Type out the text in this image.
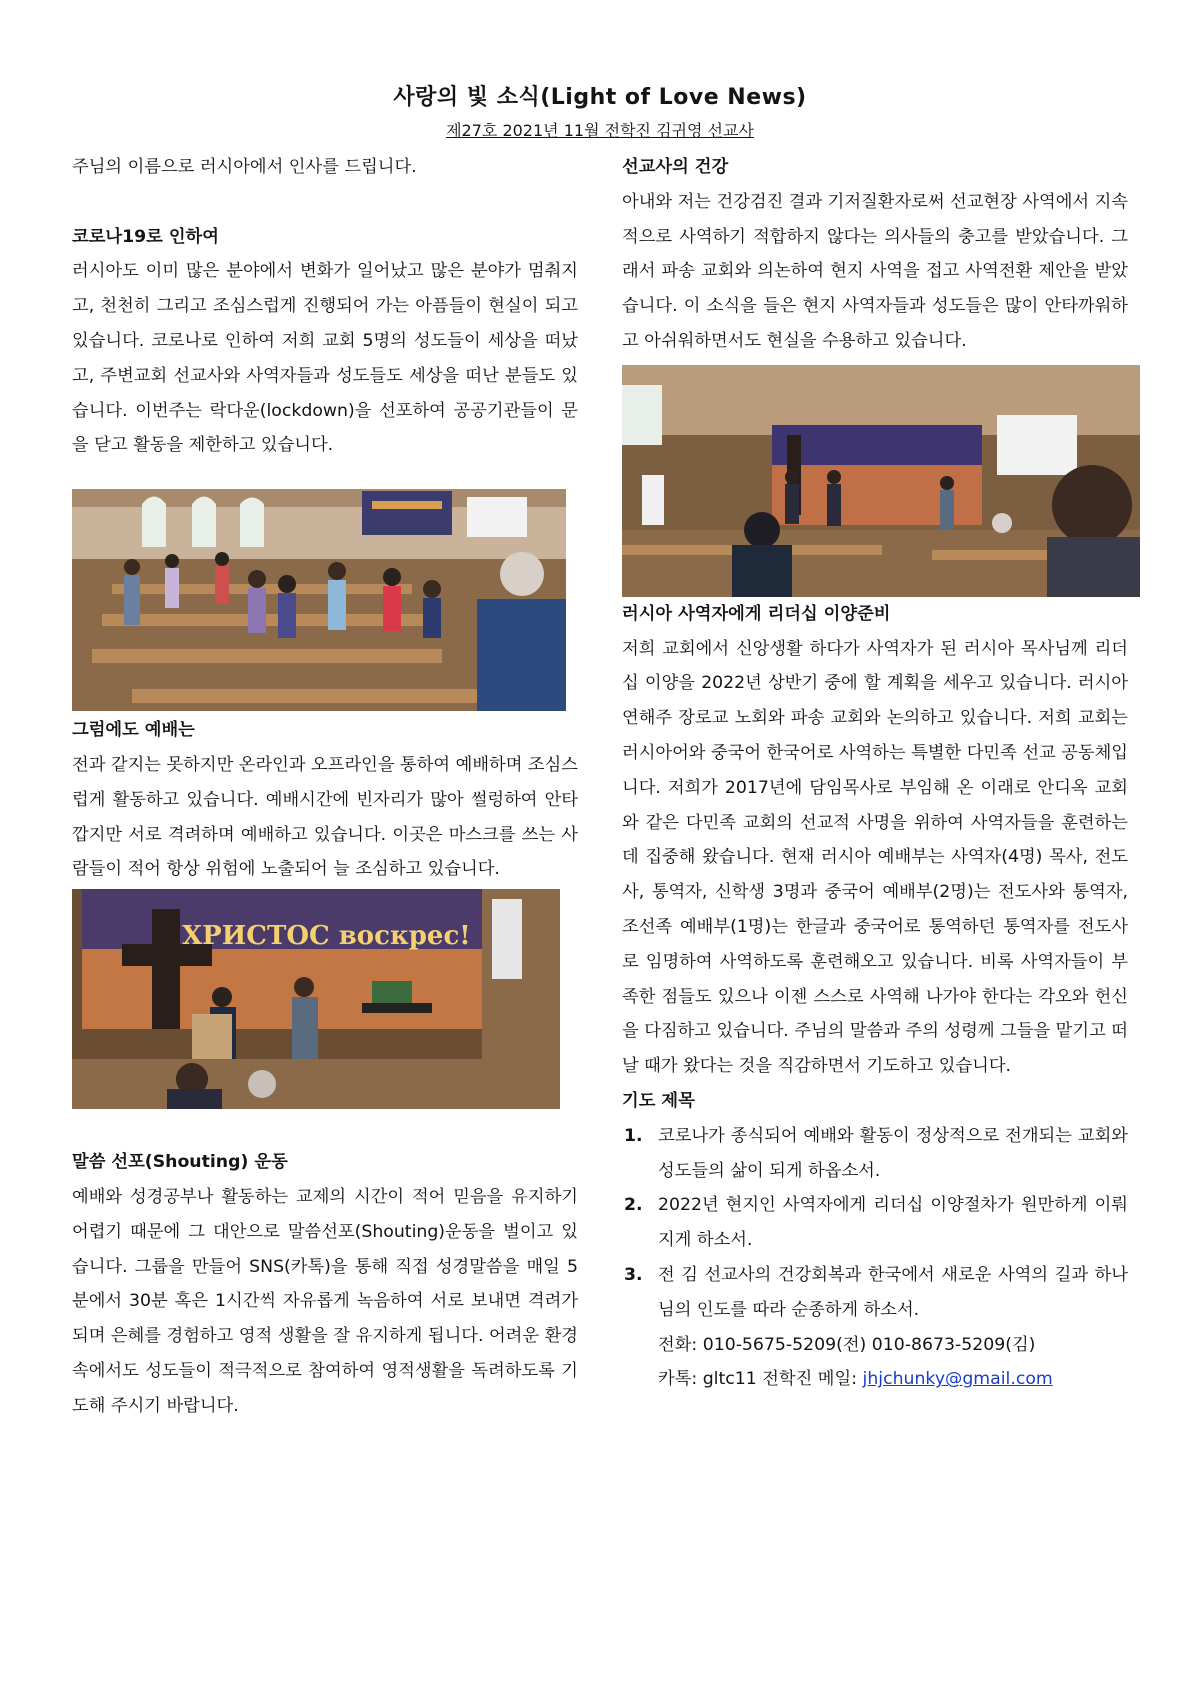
사랑의 빛 소식(Light of Love News)
제27호 2021년 11월 전학진 김귀영 선교사

주님의 이름으로 러시아에서 인사를 드립니다.

코로나19로 인하여

러시아도 이미 많은 분야에서 변화가 일어났고 많은 분야가 멈춰지고, 천천히 그리고 조심스럽게 진행되어 가는 아픔들이 현실이 되고 있습니다. 코로나로 인하여 저희 교회 5명의 성도들이 세상을 떠났고, 주변교회 선교사와 사역자들과 성도들도 세상을 떠난 분들도 있습니다. 이번주는 락다운(lockdown)을 선포하여 공공기관들이 문을 닫고 활동을 제한하고 있습니다.

그럼에도 예배는

전과 같지는 못하지만 온라인과 오프라인을 통하여 예배하며 조심스럽게 활동하고 있습니다. 예배시간에 빈자리가 많아 썰렁하여 안타깝지만 서로 격려하며 예배하고 있습니다. 이곳은 마스크를 쓰는 사람들이 적어 항상 위험에 노출되어 늘 조심하고 있습니다.

ХРИСТОС воскрес!
말씀 선포(Shouting) 운동

예배와 성경공부나 활동하는 교제의 시간이 적어 믿음을 유지하기 어렵기 때문에 그 대안으로 말씀선포(Shouting)운동을 벌이고 있습니다. 그룹을 만들어 SNS(카톡)을 통해 직접 성경말씀을 매일 5분에서 30분 혹은 1시간씩 자유롭게 녹음하여 서로 보내면 격려가 되며 은혜를 경험하고 영적 생활을 잘 유지하게 됩니다. 어려운 환경속에서도 성도들이 적극적으로 참여하여 영적생활을 독려하도록 기도해 주시기 바랍니다.

선교사의 건강

아내와 저는 건강검진 결과 기저질환자로써 선교현장 사역에서 지속적으로 사역하기 적합하지 않다는 의사들의 충고를 받았습니다. 그래서 파송 교회와 의논하여 현지 사역을 접고 사역전환 제안을 받았습니다. 이 소식을 들은 현지 사역자들과 성도들은 많이 안타까워하고 아쉬워하면서도 현실을 수용하고 있습니다.

러시아 사역자에게 리더십 이양준비

저희 교회에서 신앙생활 하다가 사역자가 된 러시아 목사님께 리더십 이양을 2022년 상반기 중에 할 계획을 세우고 있습니다. 러시아 연해주 장로교 노회와 파송 교회와 논의하고 있습니다. 저희 교회는 러시아어와 중국어 한국어로 사역하는 특별한 다민족 선교 공동체입니다. 저희가 2017년에 담임목사로 부임해 온 이래로 안디옥 교회와 같은 다민족 교회의 선교적 사명을 위하여 사역자들을 훈련하는데 집중해 왔습니다. 현재 러시아 예배부는 사역자(4명) 목사, 전도사, 통역자, 신학생 3명과 중국어 예배부(2명)는 전도사와 통역자, 조선족 예배부(1명)는 한글과 중국어로 통역하던 통역자를 전도사로 임명하여 사역하도록 훈련해오고 있습니다. 비록 사역자들이 부족한 점들도 있으나 이젠 스스로 사역해 나가야 한다는 각오와 헌신을 다짐하고 있습니다. 주님의 말씀과 주의 성령께 그들을 맡기고 떠날 때가 왔다는 것을 직감하면서 기도하고 있습니다.

기도 제목

1. 코로나가 종식되어 예배와 활동이 정상적으로 전개되는 교회와 성도들의 삶이 되게 하옵소서.
2. 2022년 현지인 사역자에게 리더십 이양절차가 원만하게 이뤄지게 하소서.
3. 전 김 선교사의 건강회복과 한국에서 새로운 사역의 길과 하나님의 인도를 따라 순종하게 하소서.
전화: 010-5675-5209(전) 010-8673-5209(김)
카톡: gltc11 전학진 메일: jhjchunky@gmail.com
